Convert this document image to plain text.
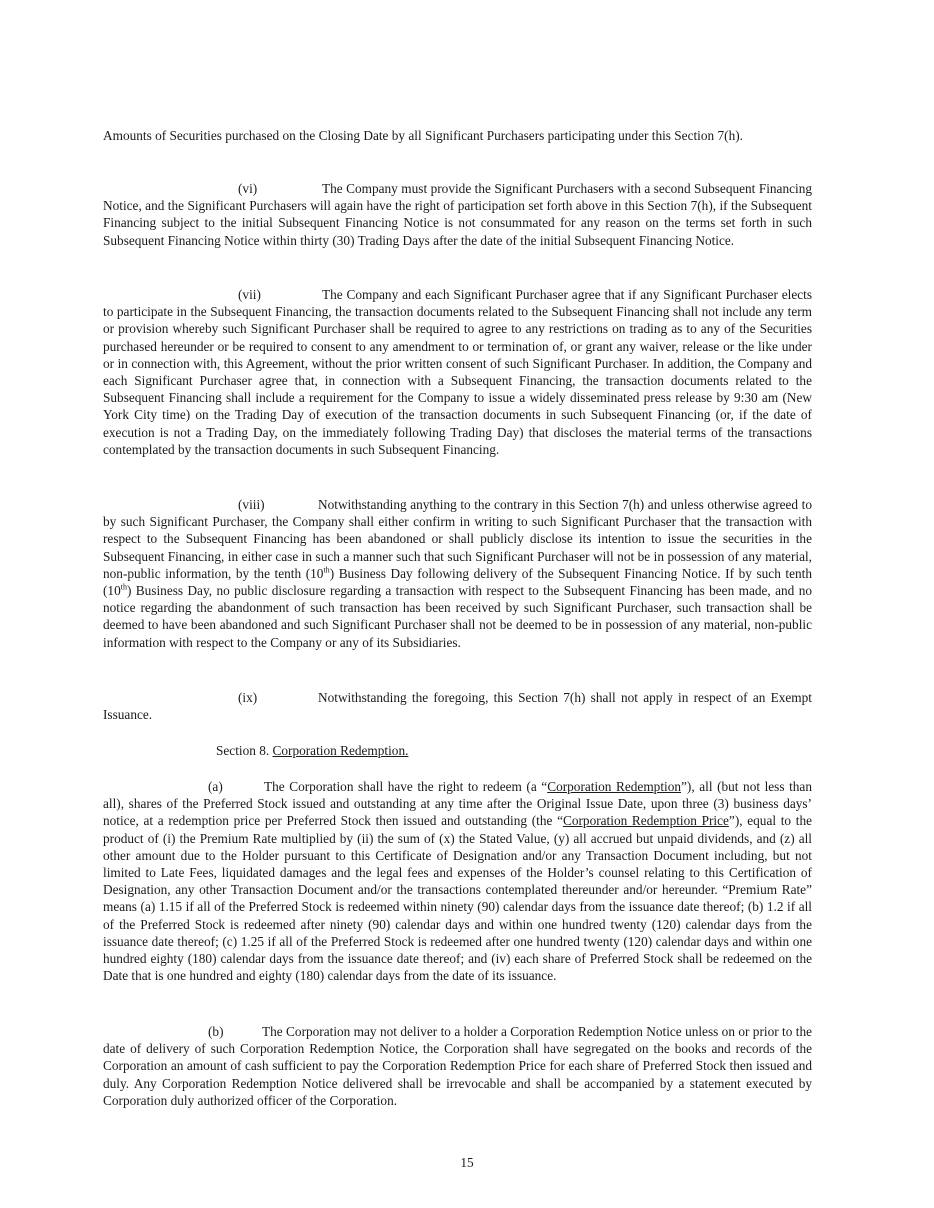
Amounts of Securities purchased on the Closing Date by all Significant Purchasers participating under this Section 7(h).

(vi)	The Company must provide the Significant Purchasers with a second Subsequent Financing Notice, and the Significant Purchasers will again have the right of participation set forth above in this Section 7(h), if the Subsequent Financing subject to the initial Subsequent Financing Notice is not consummated for any reason on the terms set forth in such Subsequent Financing Notice within thirty (30) Trading Days after the date of the initial Subsequent Financing Notice.

(vii)	The Company and each Significant Purchaser agree that if any Significant Purchaser elects to participate in the Subsequent Financing, the transaction documents related to the Subsequent Financing shall not include any term or provision whereby such Significant Purchaser shall be required to agree to any restrictions on trading as to any of the Securities purchased hereunder or be required to consent to any amendment to or termination of, or grant any waiver, release or the like under or in connection with, this Agreement, without the prior written consent of such Significant Purchaser. In addition, the Company and each Significant Purchaser agree that, in connection with a Subsequent Financing, the transaction documents related to the Subsequent Financing shall include a requirement for the Company to issue a widely disseminated press release by 9:30 am (New York City time) on the Trading Day of execution of the transaction documents in such Subsequent Financing (or, if the date of execution is not a Trading Day, on the immediately following Trading Day) that discloses the material terms of the transactions contemplated by the transaction documents in such Subsequent Financing.

(viii)	Notwithstanding anything to the contrary in this Section 7(h) and unless otherwise agreed to by such Significant Purchaser, the Company shall either confirm in writing to such Significant Purchaser that the transaction with respect to the Subsequent Financing has been abandoned or shall publicly disclose its intention to issue the securities in the Subsequent Financing, in either case in such a manner such that such Significant Purchaser will not be in possession of any material, non-public information, by the tenth (10th) Business Day following delivery of the Subsequent Financing Notice. If by such tenth (10th) Business Day, no public disclosure regarding a transaction with respect to the Subsequent Financing has been made, and no notice regarding the abandonment of such transaction has been received by such Significant Purchaser, such transaction shall be deemed to have been abandoned and such Significant Purchaser shall not be deemed to be in possession of any material, non-public information with respect to the Company or any of its Subsidiaries.

(ix)	Notwithstanding the foregoing, this Section 7(h) shall not apply in respect of an Exempt Issuance.

Section 8. Corporation Redemption.

(a)	The Corporation shall have the right to redeem (a “Corporation Redemption”), all (but not less than all), shares of the Preferred Stock issued and outstanding at any time after the Original Issue Date, upon three (3) business days’ notice, at a redemption price per Preferred Stock then issued and outstanding (the “Corporation Redemption Price”), equal to the product of (i) the Premium Rate multiplied by (ii) the sum of (x) the Stated Value, (y) all accrued but unpaid dividends, and (z) all other amount due to the Holder pursuant to this Certificate of Designation and/or any Transaction Document including, but not limited to Late Fees, liquidated damages and the legal fees and expenses of the Holder’s counsel relating to this Certification of Designation, any other Transaction Document and/or the transactions contemplated thereunder and/or hereunder. “Premium Rate” means (a) 1.15 if all of the Preferred Stock is redeemed within ninety (90) calendar days from the issuance date thereof; (b) 1.2 if all of the Preferred Stock is redeemed after ninety (90) calendar days and within one hundred twenty (120) calendar days from the issuance date thereof; (c) 1.25 if all of the Preferred Stock is redeemed after one hundred twenty (120) calendar days and within one hundred eighty (180) calendar days from the issuance date thereof; and (iv) each share of Preferred Stock shall be redeemed on the Date that is one hundred and eighty (180) calendar days from the date of its issuance.

(b)	The Corporation may not deliver to a holder a Corporation Redemption Notice unless on or prior to the date of delivery of such Corporation Redemption Notice, the Corporation shall have segregated on the books and records of the Corporation an amount of cash sufficient to pay the Corporation Redemption Price for each share of Preferred Stock then issued and duly. Any Corporation Redemption Notice delivered shall be irrevocable and shall be accompanied by a statement executed by Corporation duly authorized officer of the Corporation.

15
